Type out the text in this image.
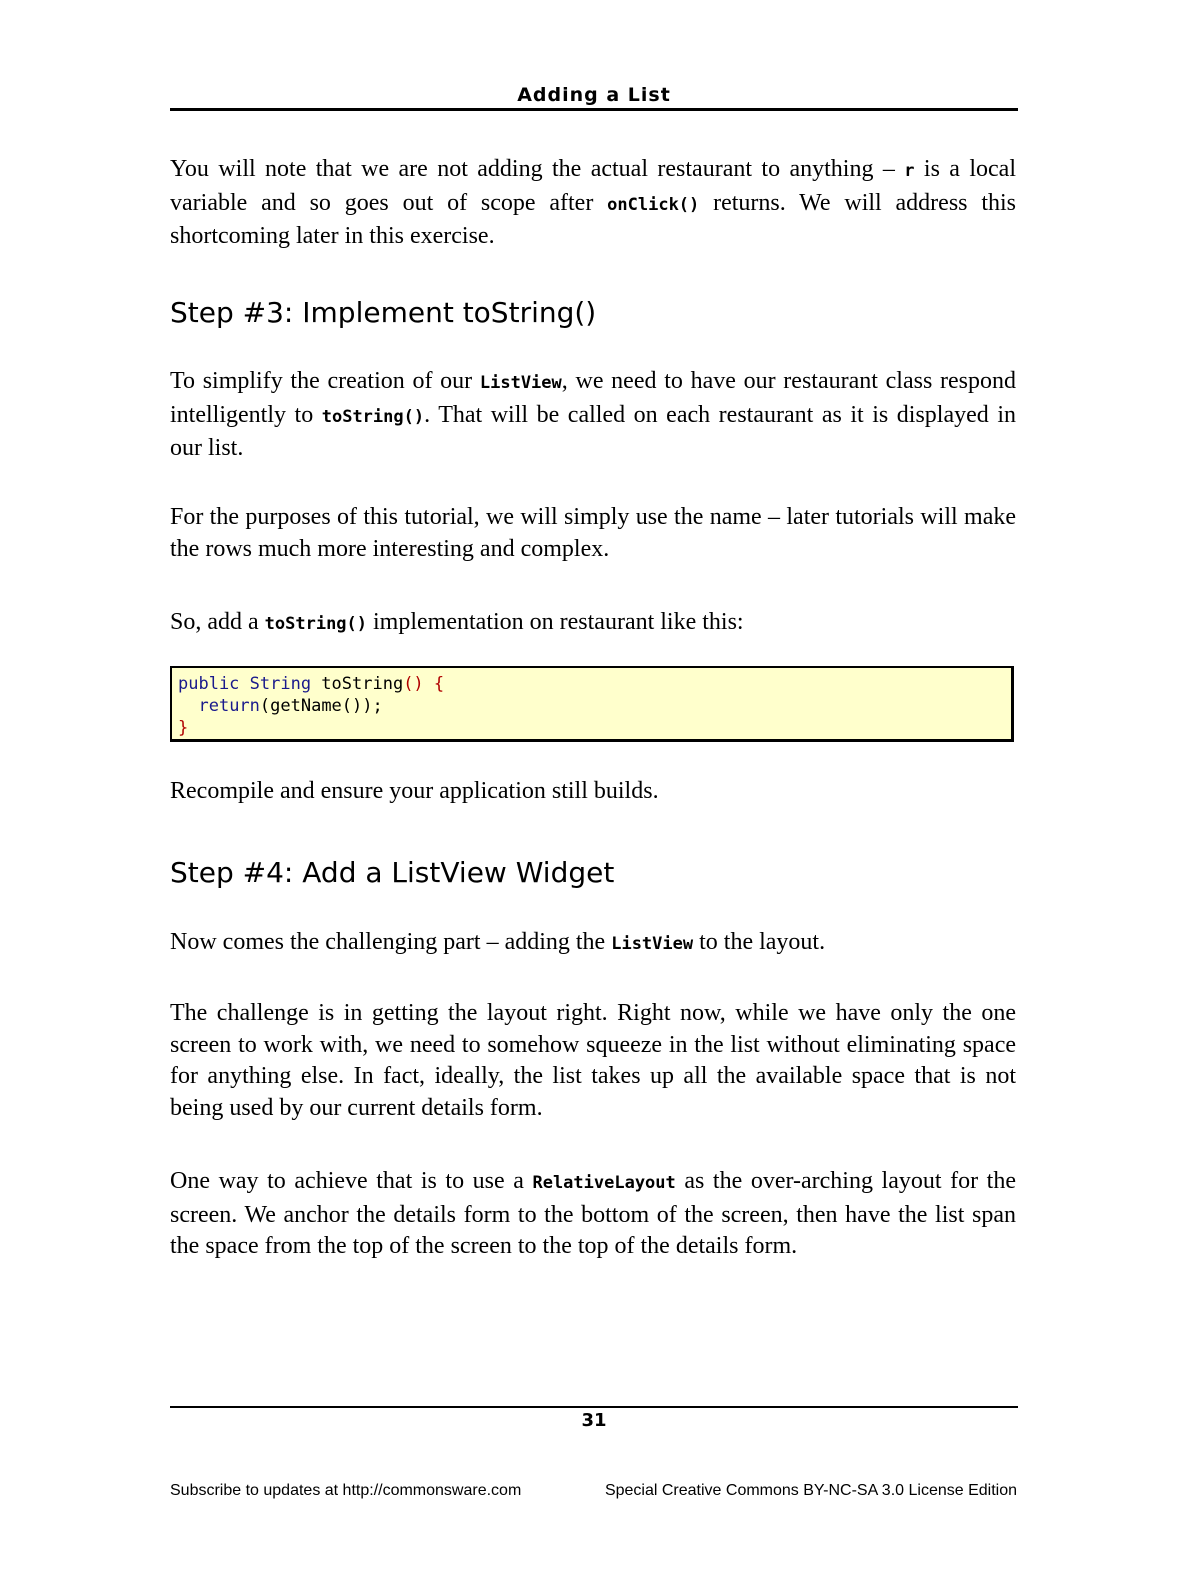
Adding a List

You will note that we are not adding the actual restaurant to anything – r is a local variable and so goes out of scope after onClick() returns. We will address this shortcoming later in this exercise.

Step #3: Implement toString()

To simplify the creation of our ListView, we need to have our restaurant class respond intelligently to toString(). That will be called on each restaurant as it is displayed in our list.

For the purposes of this tutorial, we will simply use the name – later tutorials will make the rows much more interesting and complex.

So, add a toString() implementation on restaurant like this:

public String toString() {
return(getName());
}

Recompile and ensure your application still builds.

Step #4: Add a ListView Widget

Now comes the challenging part – adding the ListView to the layout.

The challenge is in getting the layout right. Right now, while we have only the one screen to work with, we need to somehow squeeze in the list without eliminating space for anything else. In fact, ideally, the list takes up all the available space that is not being used by our current details form.

One way to achieve that is to use a RelativeLayout as the over-arching layout for the screen. We anchor the details form to the bottom of the screen, then have the list span the space from the top of the screen to the top of the details form.

31
Subscribe to updates at http://commonsware.com	Special Creative Commons BY-NC-SA 3.0 License Edition
